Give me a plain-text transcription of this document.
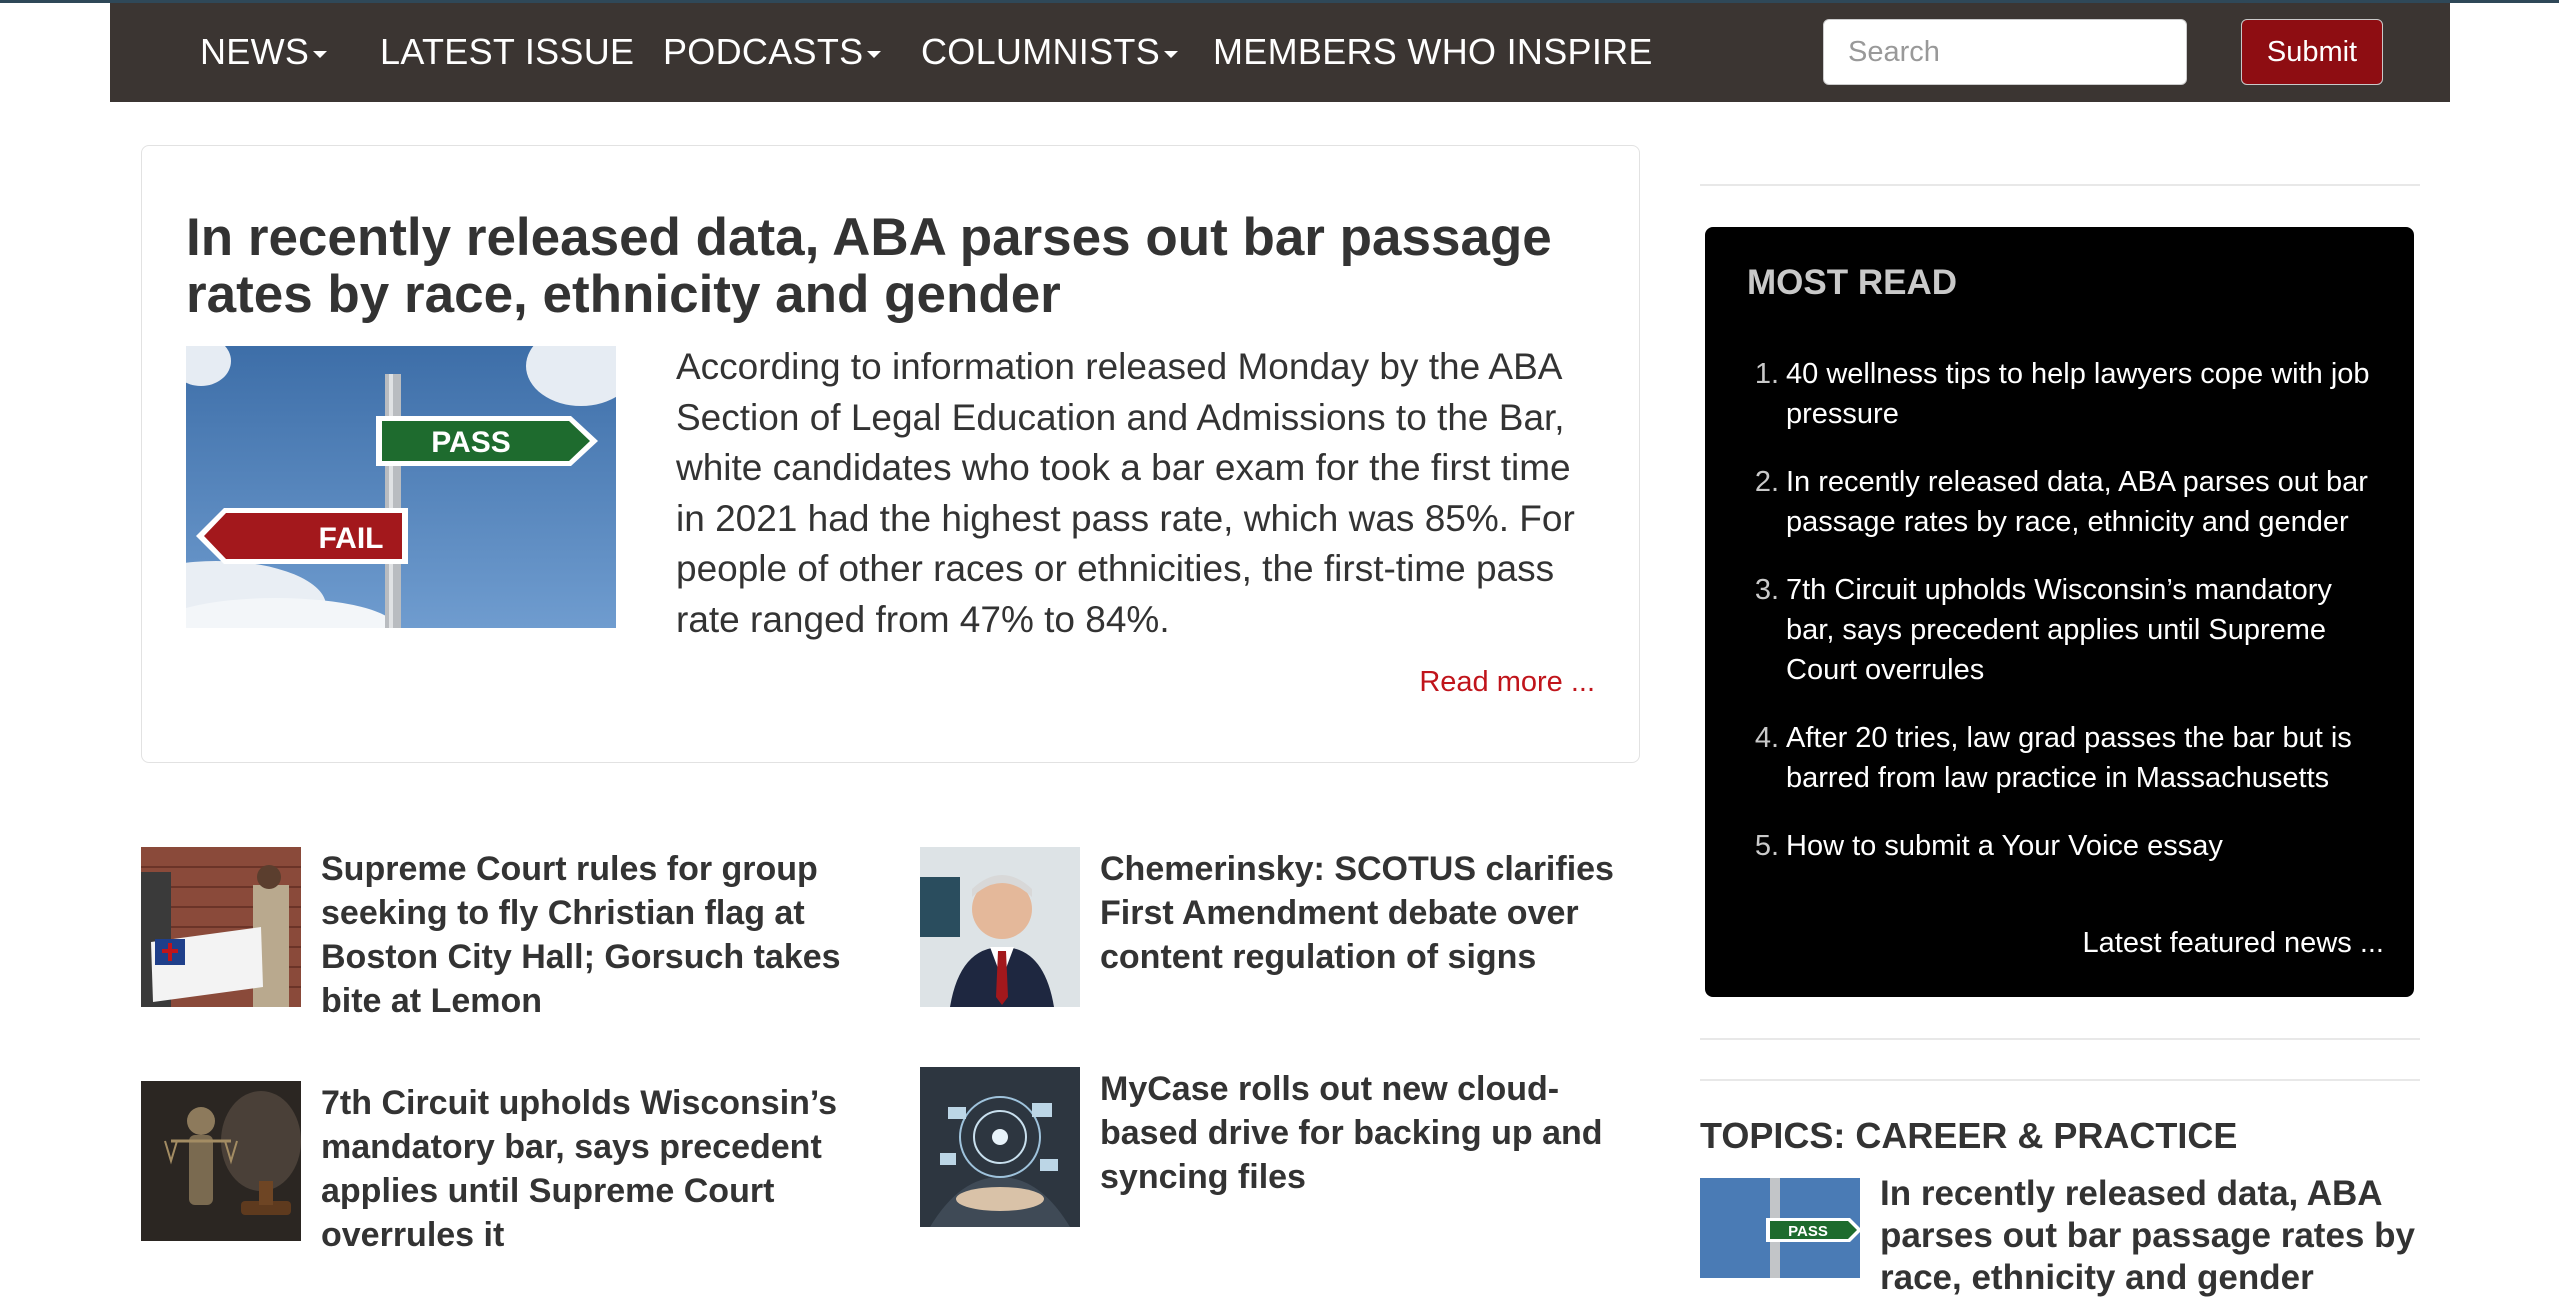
NEWS	LATEST ISSUE PODCASTS	COLUMNISTS	MEMBERS WHO INSPIRE
Search	Submit
In recently released data, ABA parses out bar passage rates by race, ethnicity and gender
PASS
FAIL

According to information released Monday by the ABA Section of Legal Education and Admissions to the Bar, white candidates who took a bar exam for the first time in 2021 had the highest pass rate, which was 85%. For people of other races or ethnicities, the first-time pass rate ranged from 47% to 84%.

Read more ...
Supreme Court rules for group seeking to fly Christian flag at Boston City Hall; Gorsuch takes bite at Lemon
Chemerinsky: SCOTUS clarifies First Amendment debate over content regulation of signs
7th Circuit upholds Wisconsin’s mandatory bar, says precedent applies until Supreme Court overrules it
MyCase rolls out new cloud-based drive for backing up and syncing files
MOST READ
1. 40 wellness tips to help lawyers cope with job pressure
2. In recently released data, ABA parses out bar passage rates by race, ethnicity and gender
3. 7th Circuit upholds Wisconsin’s mandatory bar, says precedent applies until Supreme Court overrules
4. After 20 tries, law grad passes the bar but is barred from law practice in Massachusetts
5. How to submit a Your Voice essay
Latest featured news ...
TOPICS: CAREER & PRACTICE
PASS
In recently released data, ABA parses out bar passage rates by race, ethnicity and gender
